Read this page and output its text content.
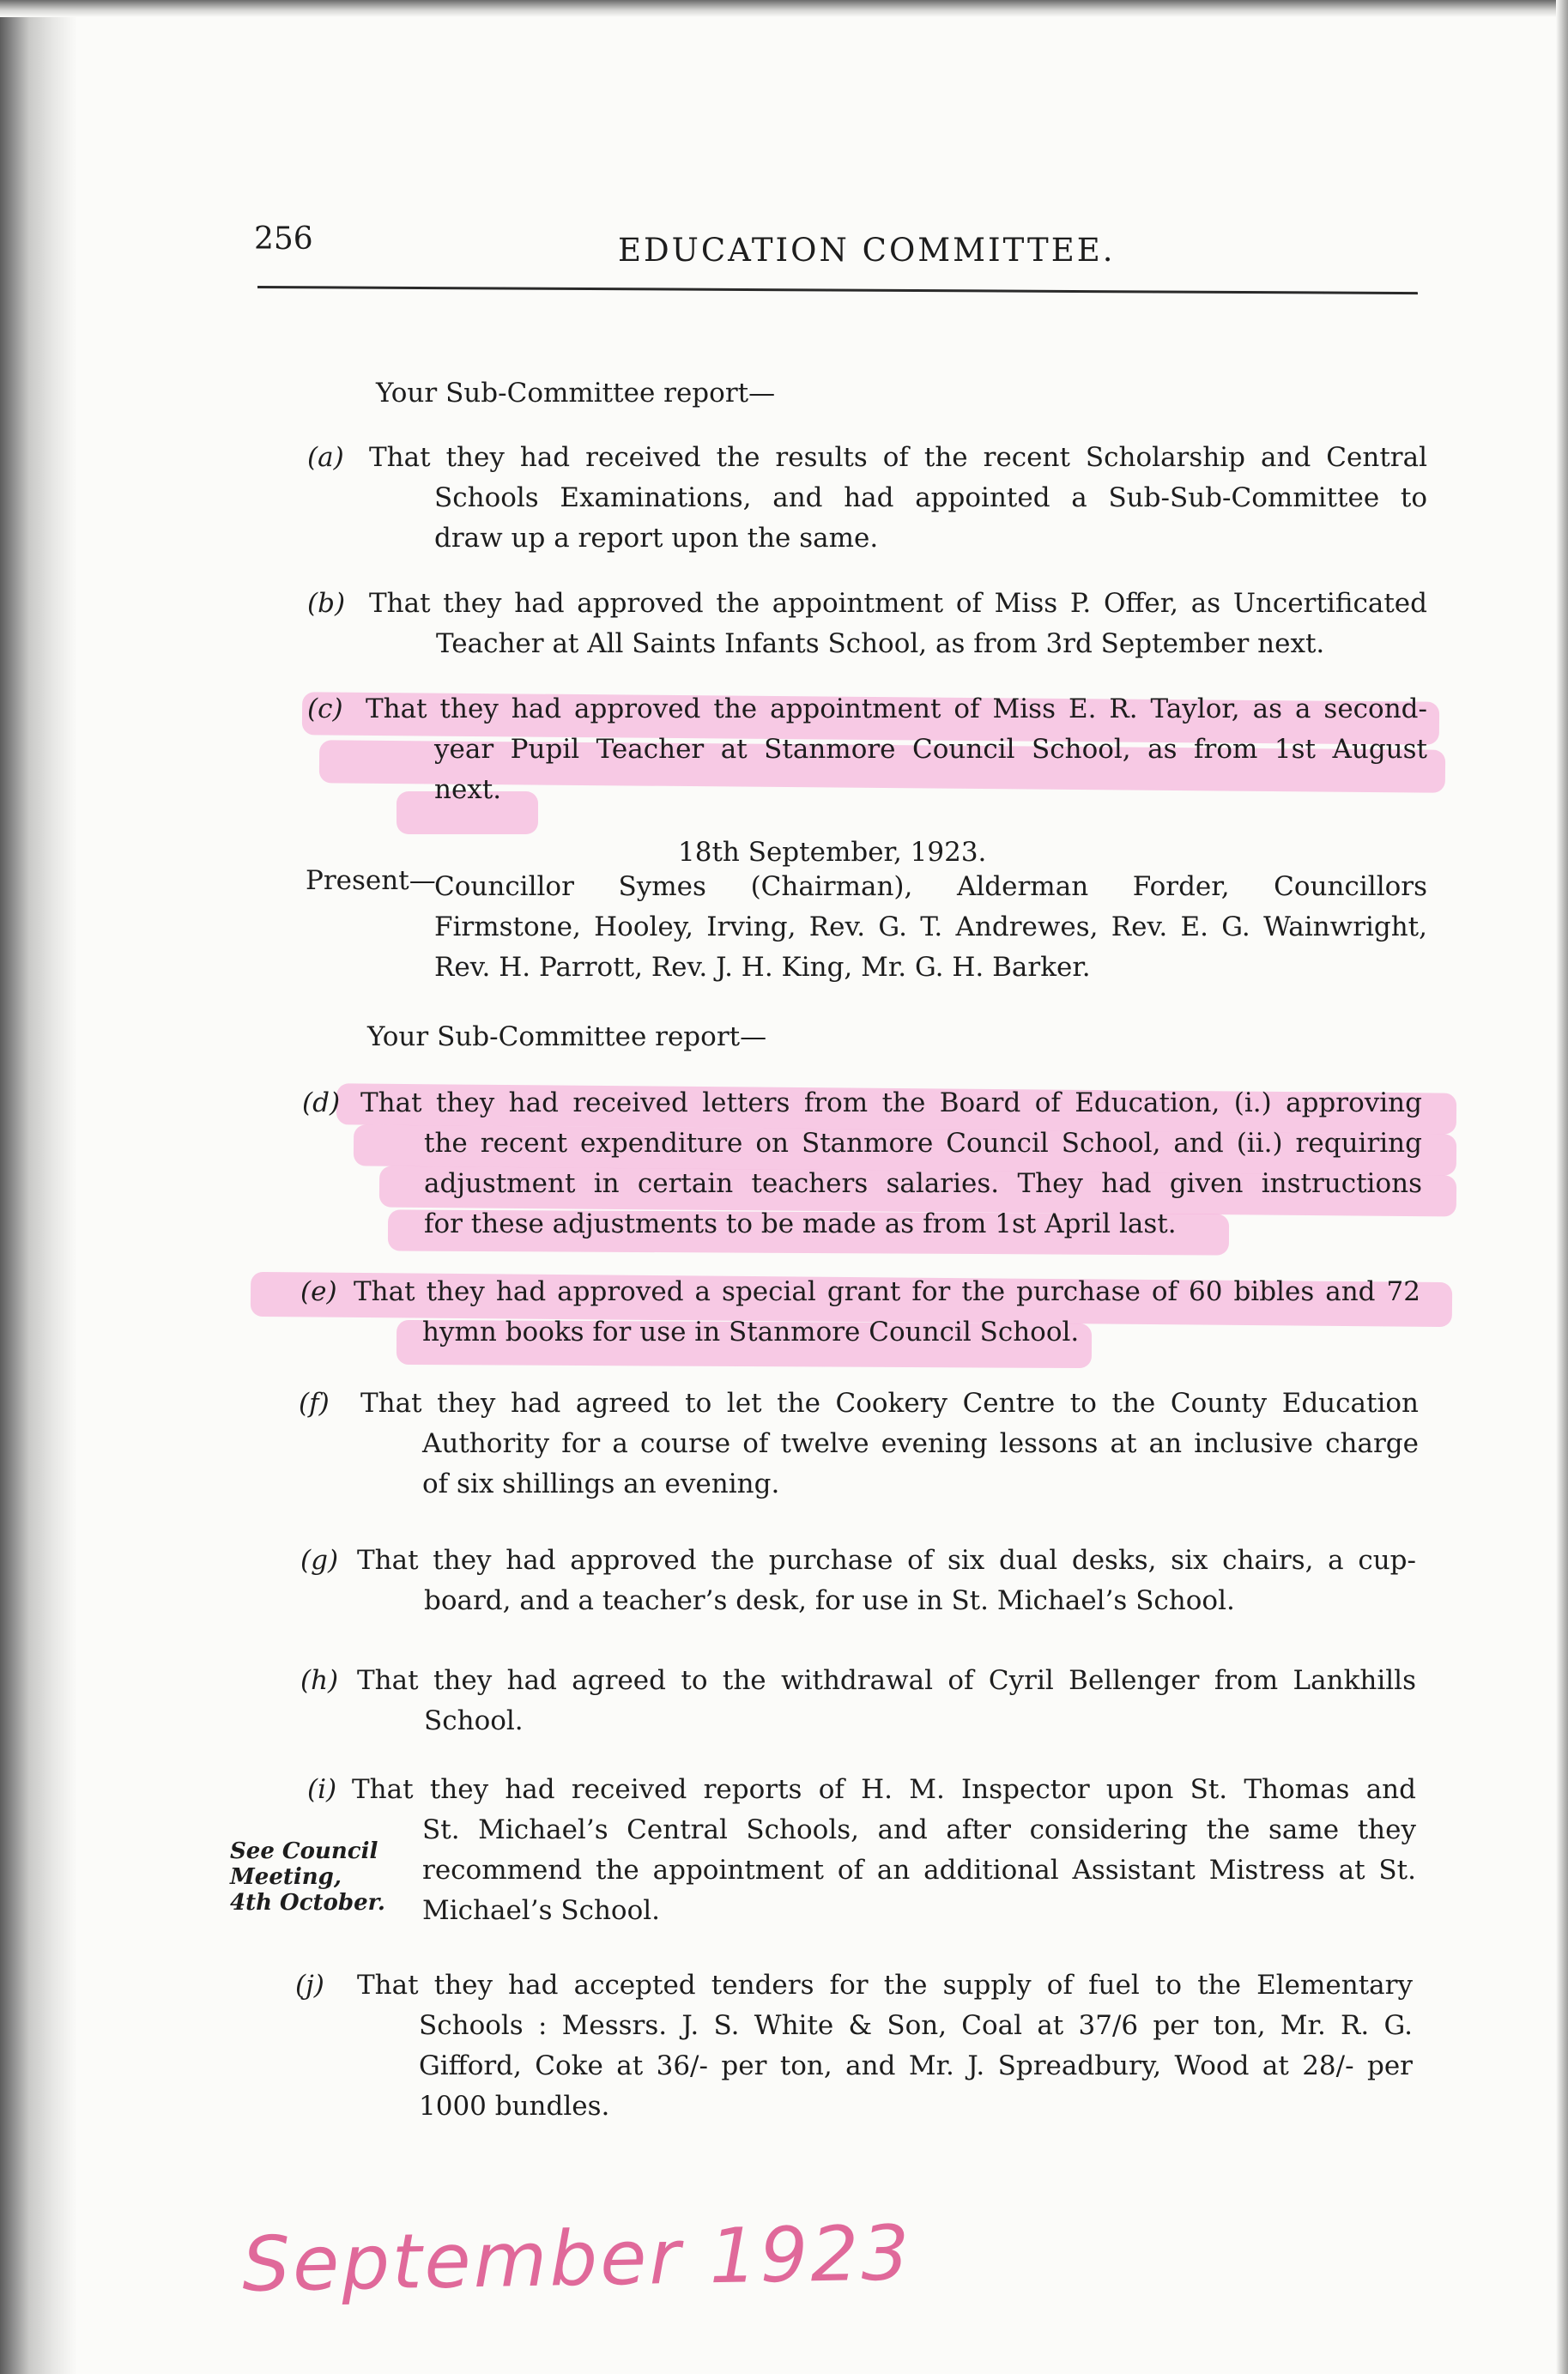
256	EDUCATION COMMITTEE.
Your Sub-Committee report—
(a) That they had received the results of the recent Scholarship and Central
Schools Examinations, and had appointed a Sub-Sub-Committee to
draw up a report upon the same.
(b) That they had approved the appointment of Miss P. Offer, as Uncertificated
Teacher at All Saints Infants School, as from 3rd September next.
(c) That they had approved the appointment of Miss E. R. Taylor, as a second-
year Pupil Teacher at Stanmore Council School, as from 1st August
next.
18th September, 1923.
Present—
Councillor Symes (Chairman), Alderman Forder, Councillors
Firmstone, Hooley, Irving, Rev. G. T. Andrewes, Rev. E. G. Wainwright,
Rev. H. Parrott, Rev. J. H. King, Mr. G. H. Barker.
Your Sub-Committee report—
(d) That they had received letters from the Board of Education, (i.) approving
the recent expenditure on Stanmore Council School, and (ii.) requiring
adjustment in certain teachers salaries. They had given instructions
for these adjustments to be made as from 1st April last.
(e) That they had approved a special grant for the purchase of 60 bibles and 72
hymn books for use in Stanmore Council School.
(f) That they had agreed to let the Cookery Centre to the County Education
Authority for a course of twelve evening lessons at an inclusive charge
of six shillings an evening.
(g) That they had approved the purchase of six dual desks, six chairs, a cup-
board, and a teacher’s desk, for use in St. Michael’s School.
(h) That they had agreed to the withdrawal of Cyril Bellenger from Lankhills
School.
(i) That they had received reports of H. M. Inspector upon St. Thomas and
St. Michael’s Central Schools, and after considering the same they
recommend the appointment of an additional Assistant Mistress at St.
Michael’s School.
See Council
Meeting,
4th October.
(j) That they had accepted tenders for the supply of fuel to the Elementary
Schools : Messrs. J. S. White & Son, Coal at 37/6 per ton, Mr. R. G.
Gifford, Coke at 36/- per ton, and Mr. J. Spreadbury, Wood at 28/- per
1000 bundles.
September 1923
